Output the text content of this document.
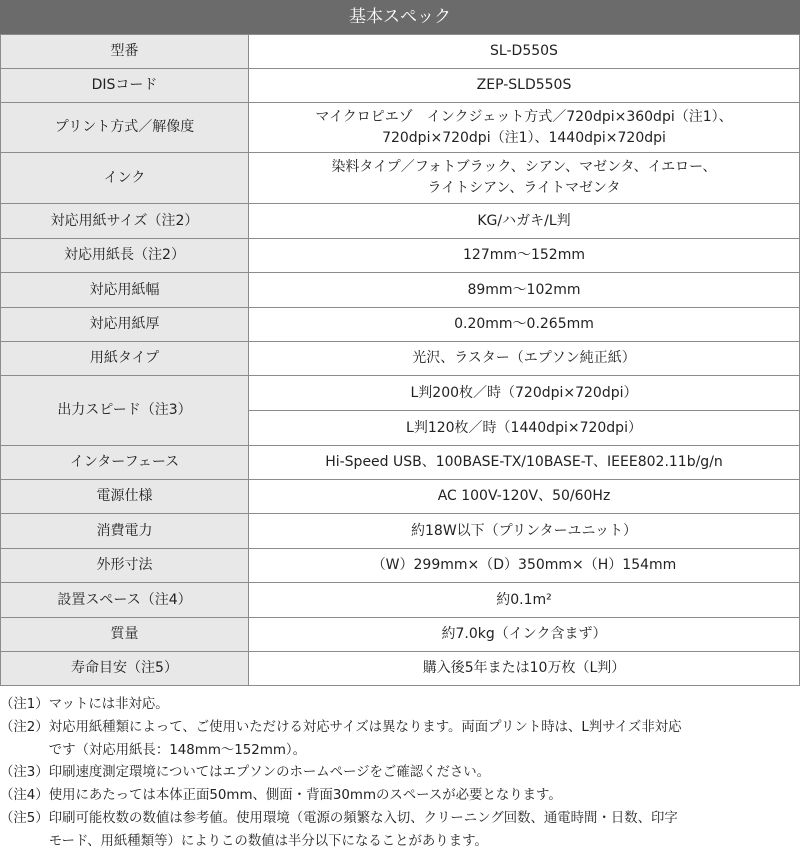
基本スペック
型番	SL-D550S
DISコード	ZEP-SLD550S
プリント方式／解像度	マイクロピエゾ　インクジェット方式／720dpi×360dpi（注1）、
720dpi×720dpi（注1）、1440dpi×720dpi

インク	染料タイプ／フォトブラック、シアン、マゼンタ、イエロー、
ライトシアン、ライトマゼンタ

対応用紙サイズ（注2）	KG/ハガキ/L判
対応用紙長（注2）	127mm～152mm
対応用紙幅	89mm～102mm
対応用紙厚	0.20mm～0.265mm
用紙タイプ	光沢、ラスター（エプソン純正紙）
出力スピード（注3）	L判200枚／時（720dpi×720dpi）
	L判120枚／時（1440dpi×720dpi）
インターフェース	Hi-Speed USB、100BASE-TX/10BASE-T、IEEE802.11b/g/n
電源仕様	AC 100V-120V、50/60Hz
消費電力	約18W以下（プリンターユニット）
外形寸法	（W）299mm×（D）350mm×（H）154mm
設置スペース（注4）	約0.1m²
質量	約7.0kg（インク含まず）
寿命目安（注5）	購入後5年または10万枚（L判）
（注1） マットには非対応。
（注2） 対応用紙種類によって、ご使用いただける対応サイズは異なります。両面プリント時は、L判サイズ非対応
です（対応用紙長：148mm～152mm）。
（注3） 印刷速度測定環境についてはエプソンのホームページをご確認ください。
（注4） 使用にあたっては本体正面50mm、側面・背面30mmのスペースが必要となります。
（注5） 印刷可能枚数の数値は参考値。使用環境（電源の頻繁な入切、クリーニング回数、通電時間・日数、印字
モード、用紙種類等）によりこの数値は半分以下になることがあります。
